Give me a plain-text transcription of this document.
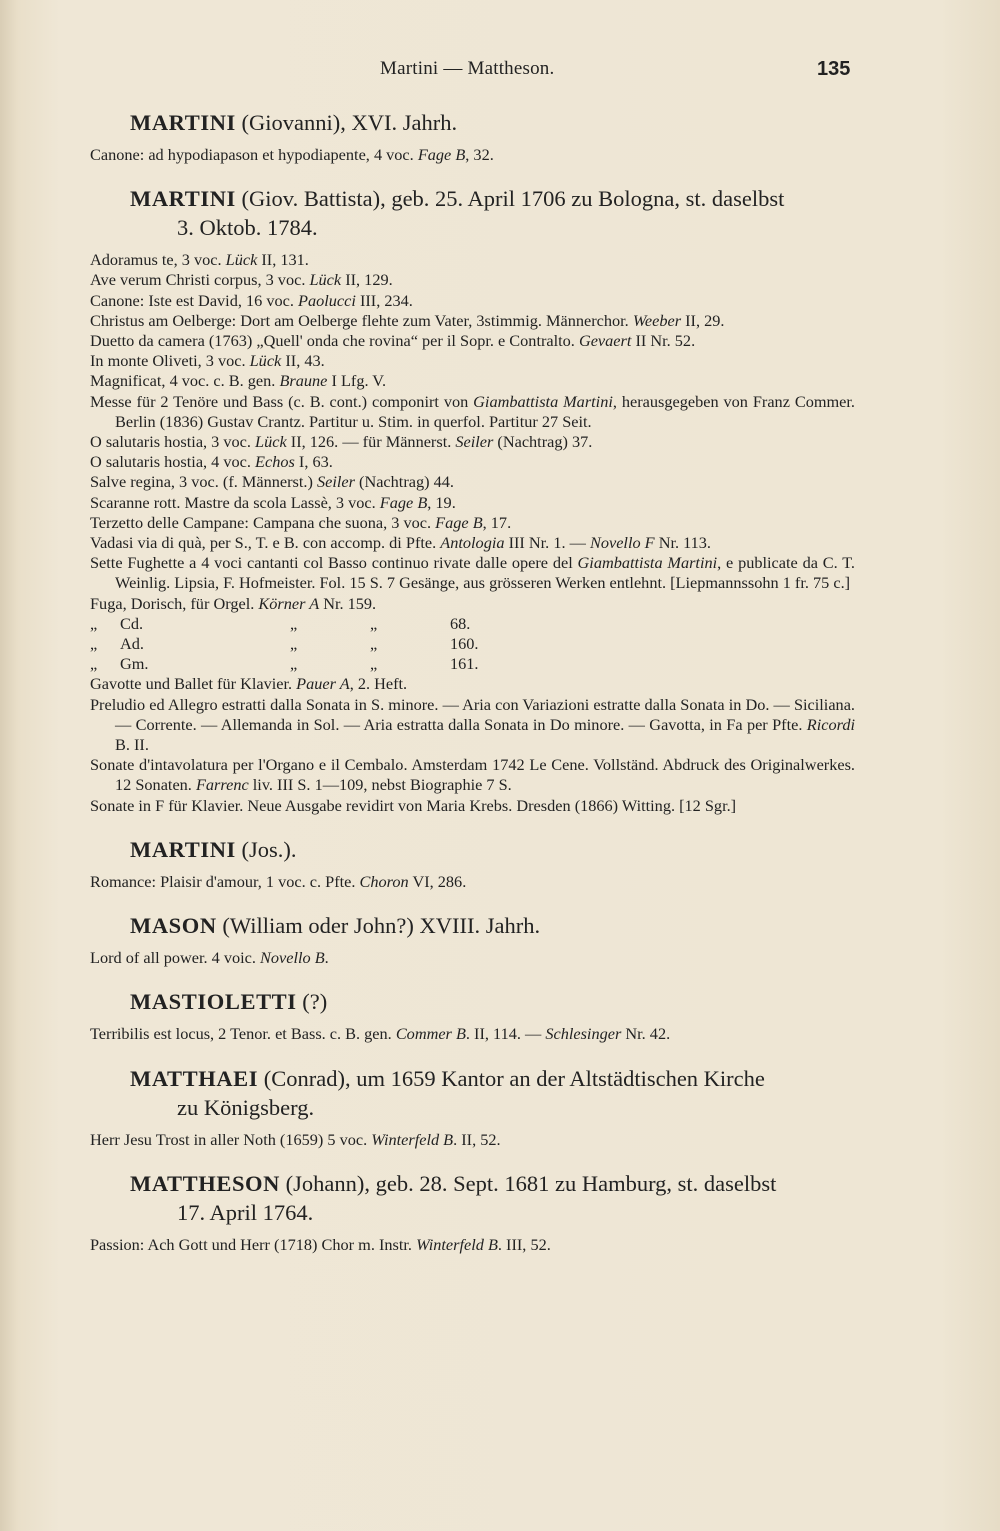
Martini — Mattheson.	135
MARTINI (Giovanni), XVI. Jahrh.
Canone: ad hypodiapason et hypodiapente, 4 voc. Fage B, 32.
MARTINI (Giov. Battista), geb. 25. April 1706 zu Bologna, st. daselbst
3. Oktob. 1784.
Adoramus te, 3 voc. Lück II, 131.
Ave verum Christi corpus, 3 voc. Lück II, 129.
Canone: Iste est David, 16 voc. Paolucci III, 234.
Christus am Oelberge: Dort am Oelberge flehte zum Vater, 3stimmig. Männerchor. Weeber II, 29.
Duetto da camera (1763) „Quell' onda che rovina“ per il Sopr. e Contralto. Gevaert II Nr. 52.
In monte Oliveti, 3 voc. Lück II, 43.
Magnificat, 4 voc. c. B. gen. Braune I Lfg. V.
Messe für 2 Tenöre und Bass (c. B. cont.) componirt von Giambattista Martini, herausgegeben von Franz Commer. Berlin (1836) Gustav Crantz. Partitur u. Stim. in querfol. Partitur 27 Seit.
O salutaris hostia, 3 voc. Lück II, 126. — für Männerst. Seiler (Nachtrag) 37.
O salutaris hostia, 4 voc. Echos I, 63.
Salve regina, 3 voc. (f. Männerst.) Seiler (Nachtrag) 44.
Scaranne rott. Mastre da scola Lassè, 3 voc. Fage B, 19.
Terzetto delle Campane: Campana che suona, 3 voc. Fage B, 17.
Vadasi via di quà, per S., T. e B. con accomp. di Pfte. Antologia III Nr. 1. — Novello F Nr. 113.
Sette Fughette a 4 voci cantanti col Basso continuo rivate dalle opere del Giambattista Martini, e publicate da C. T. Weinlig. Lipsia, F. Hofmeister. Fol. 15 S. 7 Gesänge, aus grösseren Werken entlehnt. [Liepmannssohn 1 fr. 75 c.]
Fuga, Dorisch, für Orgel. Körner A Nr. 159.
„ Cd.	„	„	68.
„ Ad.	„	„	160.
„ Gm.	„	„	161.
Gavotte und Ballet für Klavier. Pauer A, 2. Heft.
Preludio ed Allegro estratti dalla Sonata in S. minore. — Aria con Variazioni estratte dalla Sonata in Do. — Siciliana. — Corrente. — Allemanda in Sol. — Aria estratta dalla Sonata in Do minore. — Gavotta, in Fa per Pfte. Ricordi B. II.
Sonate d'intavolatura per l'Organo e il Cembalo. Amsterdam 1742 Le Cene. Vollständ. Abdruck des Originalwerkes. 12 Sonaten. Farrenc liv. III S. 1—109, nebst Biographie 7 S.
Sonate in F für Klavier. Neue Ausgabe revidirt von Maria Krebs. Dresden (1866) Witting. [12 Sgr.]
MARTINI (Jos.).
Romance: Plaisir d'amour, 1 voc. c. Pfte. Choron VI, 286.
MASON (William oder John?) XVIII. Jahrh.
Lord of all power. 4 voic. Novello B.
MASTIOLETTI (?)
Terribilis est locus, 2 Tenor. et Bass. c. B. gen. Commer B. II, 114. — Schlesinger Nr. 42.
MATTHAEI (Conrad), um 1659 Kantor an der Altstädtischen Kirche
zu Königsberg.
Herr Jesu Trost in aller Noth (1659) 5 voc. Winterfeld B. II, 52.
MATTHESON (Johann), geb. 28. Sept. 1681 zu Hamburg, st. daselbst
17. April 1764.
Passion: Ach Gott und Herr (1718) Chor m. Instr. Winterfeld B. III, 52.
